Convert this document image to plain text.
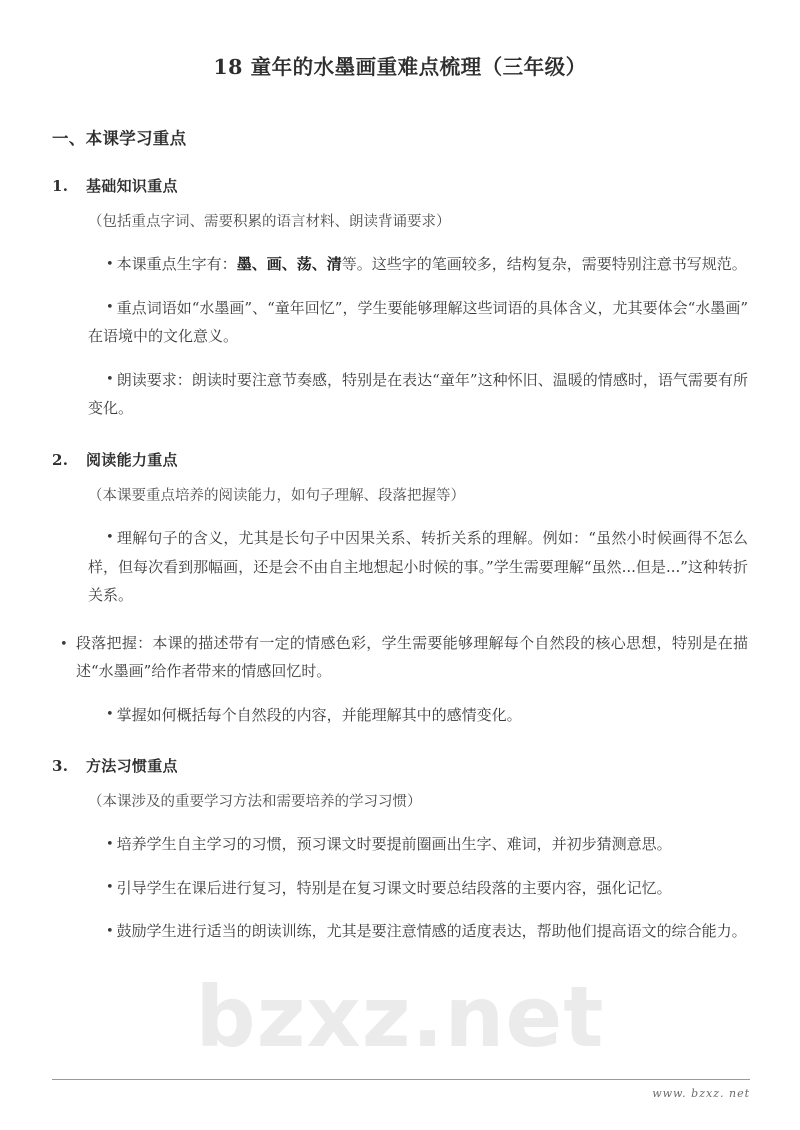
bzxz.net
18 童年的水墨画重难点梳理（三年级）
一、本课学习重点
1.	基础知识重点

（包括重点字词、需要积累的语言材料、朗读背诵要求）

• 本课重点生字有：墨、画、荡、清等。这些字的笔画较多，结构复杂，需要特别注意书写规范。

• 重点词语如“水墨画”、“童年回忆”，学生要能够理解这些词语的具体含义，尤其要体会“水墨画”在语境中的文化意义。

• 朗读要求：朗读时要注意节奏感，特别是在表达“童年”这种怀旧、温暖的情感时，语气需要有所变化。

2.	阅读能力重点

（本课要重点培养的阅读能力，如句子理解、段落把握等）

• 理解句子的含义，尤其是长句子中因果关系、转折关系的理解。例如：“虽然小时候画得不怎么样，但每次看到那幅画，还是会不由自主地想起小时候的事。”学生需要理解“虽然...但是...”这种转折关系。

• 段落把握：本课的描述带有一定的情感色彩，学生需要能够理解每个自然段的核心思想，特别是在描述“水墨画”给作者带来的情感回忆时。

• 掌握如何概括每个自然段的内容，并能理解其中的感情变化。

3.	方法习惯重点

（本课涉及的重要学习方法和需要培养的学习习惯）

• 培养学生自主学习的习惯，预习课文时要提前圈画出生字、难词，并初步猜测意思。

• 引导学生在课后进行复习，特别是在复习课文时要总结段落的主要内容，强化记忆。

• 鼓励学生进行适当的朗读训练，尤其是要注意情感的适度表达，帮助他们提高语文的综合能力。

www. bzxz. net
